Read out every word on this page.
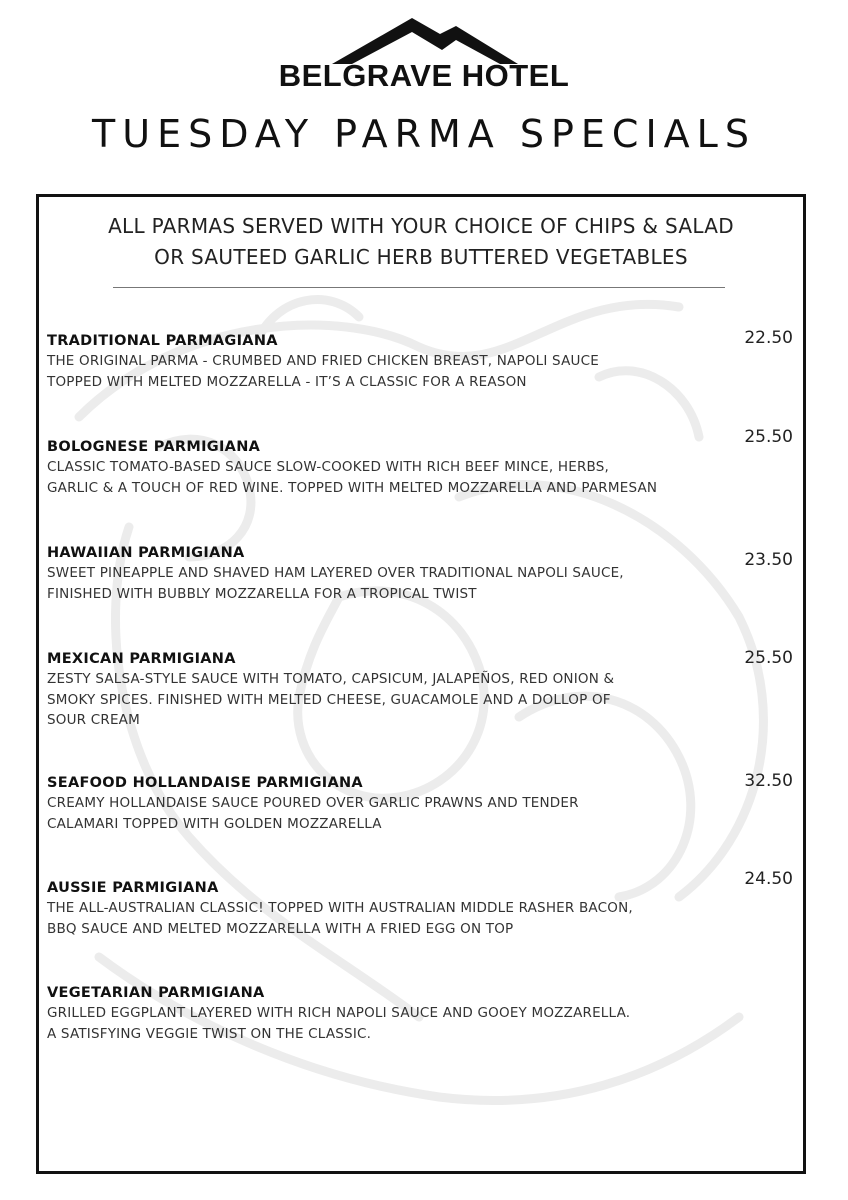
BELGRAVE HOTEL
TUESDAY PARMA SPECIALS
ALL PARMAS SERVED WITH YOUR CHOICE OF CHIPS & SALAD
OR SAUTEED GARLIC HERB BUTTERED VEGETABLES
TRADITIONAL PARMAGIANA
THE ORIGINAL PARMA - CRUMBED AND FRIED CHICKEN BREAST, NAPOLI SAUCE
TOPPED WITH MELTED MOZZARELLA - IT’S A CLASSIC FOR A REASON
22.50
BOLOGNESE PARMIGIANA
CLASSIC TOMATO-BASED SAUCE SLOW-COOKED WITH RICH BEEF MINCE, HERBS,
GARLIC & A TOUCH OF RED WINE. TOPPED WITH MELTED MOZZARELLA AND PARMESAN
25.50
HAWAIIAN PARMIGIANA
SWEET PINEAPPLE AND SHAVED HAM LAYERED OVER TRADITIONAL NAPOLI SAUCE,
FINISHED WITH BUBBLY MOZZARELLA FOR A TROPICAL TWIST
23.50
MEXICAN PARMIGIANA
ZESTY SALSA-STYLE SAUCE WITH TOMATO, CAPSICUM, JALAPEÑOS, RED ONION &
SMOKY SPICES. FINISHED WITH MELTED CHEESE, GUACAMOLE AND A DOLLOP OF
SOUR CREAM
25.50
SEAFOOD HOLLANDAISE PARMIGIANA
CREAMY HOLLANDAISE SAUCE POURED OVER GARLIC PRAWNS AND TENDER
CALAMARI TOPPED WITH GOLDEN MOZZARELLA
32.50
AUSSIE PARMIGIANA
THE ALL-AUSTRALIAN CLASSIC! TOPPED WITH AUSTRALIAN MIDDLE RASHER BACON,
BBQ SAUCE AND MELTED MOZZARELLA WITH A FRIED EGG ON TOP
24.50
VEGETARIAN PARMIGIANA
GRILLED EGGPLANT LAYERED WITH RICH NAPOLI SAUCE AND GOOEY MOZZARELLA.
A SATISFYING VEGGIE TWIST ON THE CLASSIC.
